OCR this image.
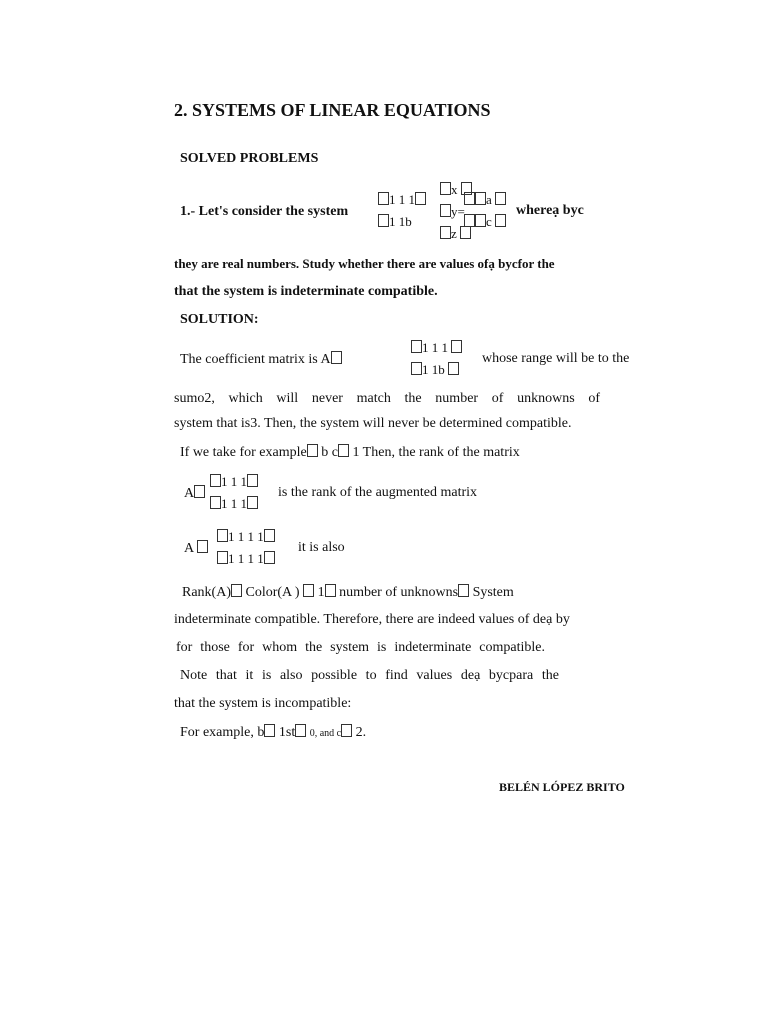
2. SYSTEMS OF LINEAR EQUATIONS
SOLVED PROBLEMS
1.- Let's consider the system
1 1 1
1 1b
x
y=
z
a
c
whereạ byc
they are real numbers. Study whether there are values ofạ bycfor the
that the system is indeterminate compatible.
SOLUTION:
The coefficient matrix is A
1 1 1
1 1b
whose range will be to the
sumo2, which will never match the number of unknowns of
system that is3. Then, the system will never be determined compatible.
If we take for example b c 1 Then, the rank of the matrix
A
1 1 1
1 1 1
is the rank of the augmented matrix
A
1 1 1 1
1 1 1 1
it is also
Rank(A) Color(A ) 1 number of unknowns System
indeterminate compatible. Therefore, there are indeed values of deạ by
for those for whom the system is indeterminate compatible.
Note that it is also possible to find values deạ bycpara the
that the system is incompatible:
For example, b 1st 0, and c 2.
BELÉN LÓPEZ BRITO
